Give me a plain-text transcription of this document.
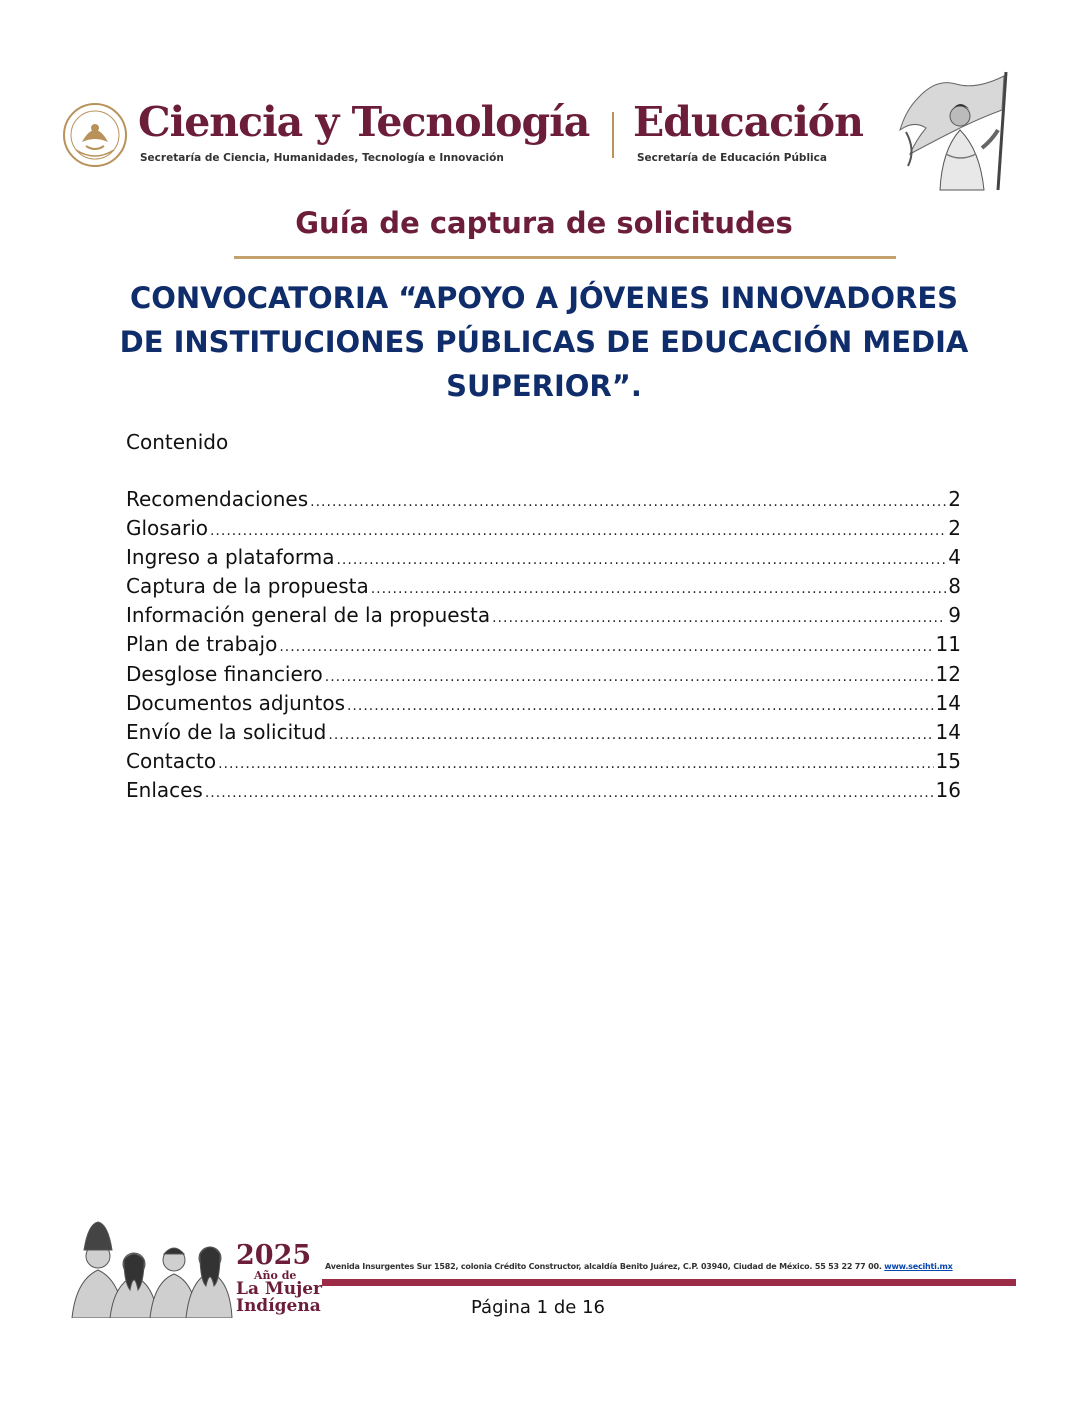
Ciencia y Tecnología
Secretaría de Ciencia, Humanidades, Tecnología e Innovación
Educación
Secretaría de Educación Pública
Guía de captura de solicitudes
CONVOCATORIA “APOYO A JÓVENES INNOVADORES DE INSTITUCIONES PÚBLICAS DE EDUCACIÓN MEDIA SUPERIOR”.
Contenido
Recomendaciones .....	2
Glosario .....	2
Ingreso a plataforma .....	4
Captura de la propuesta .....	8
Información general de la propuesta .....	9
Plan de trabajo .....	11
Desglose financiero .....	12
Documentos adjuntos .....	14
Envío de la solicitud .....	14
Contacto .....	15
Enlaces .....	16
2025
Año de
La Mujer
Indígena
Avenida Insurgentes Sur 1582, colonia Crédito Constructor, alcaldía Benito Juárez, C.P. 03940, Ciudad de México. 55 53 22 77 00. www.secihti.mx
Página 1 de 16
